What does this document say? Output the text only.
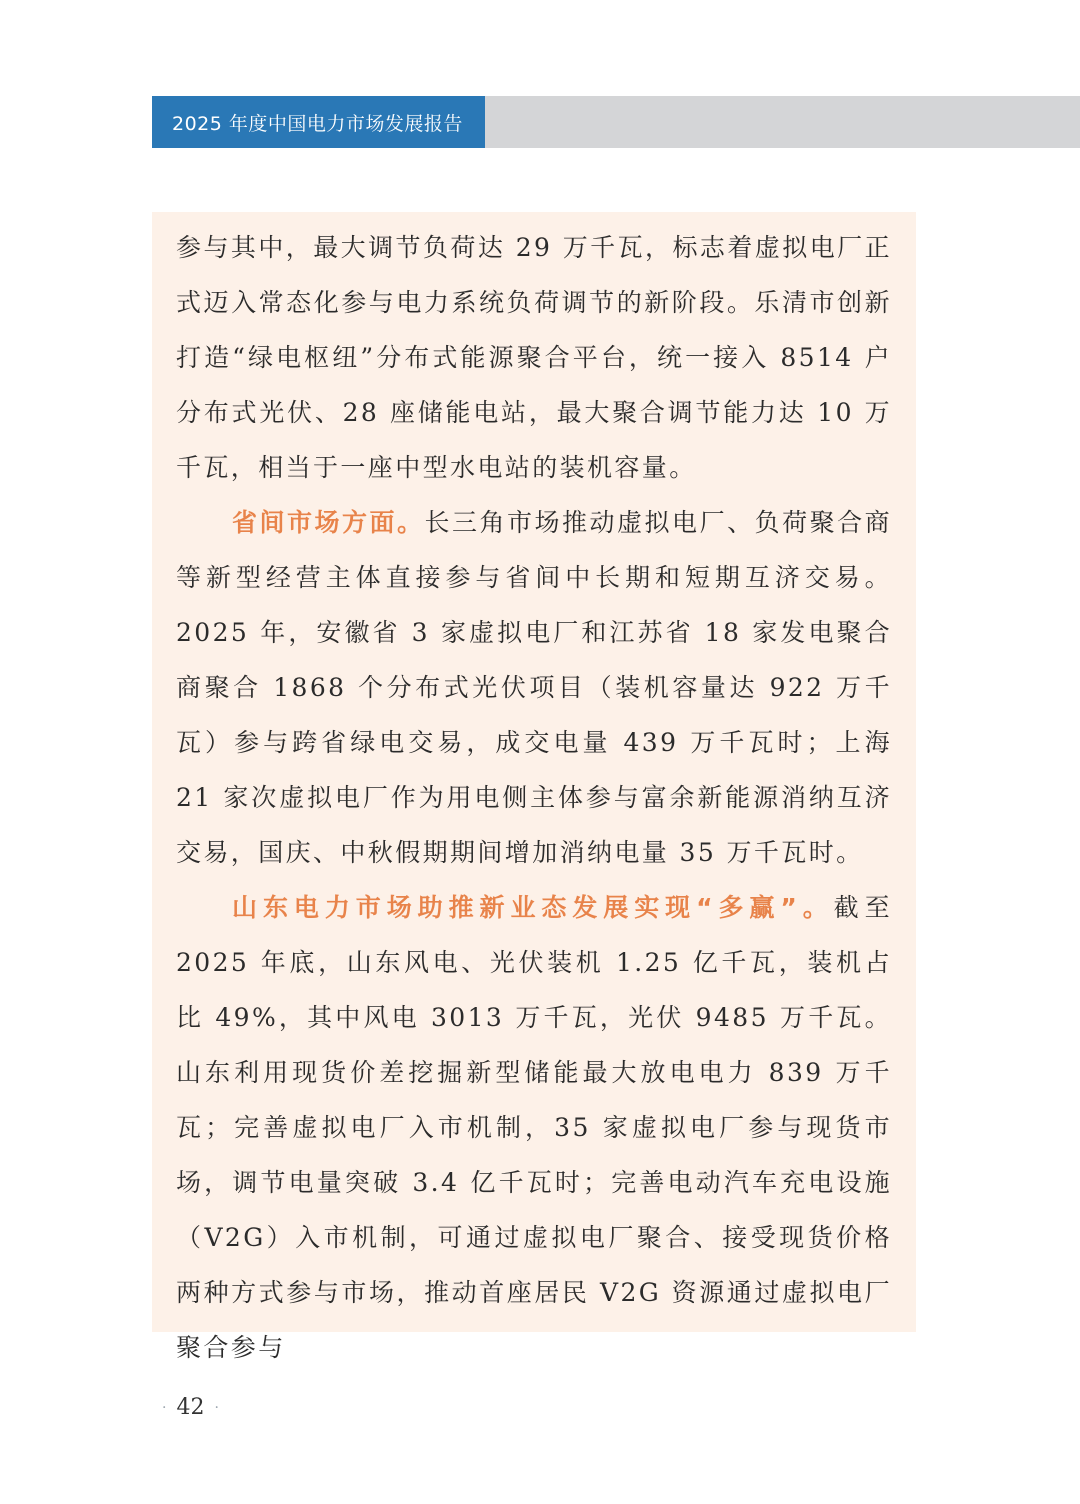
2025 年度中国电力市场发展报告

参与其中，最大调节负荷达 29 万千瓦，标志着虚拟电厂正式迈入常态化参与电力系统负荷调节的新阶段。乐清市创新打造“绿电枢纽”分布式能源聚合平台，统一接入 8514 户分布式光伏、28 座储能电站，最大聚合调节能力达 10 万千瓦，相当于一座中型水电站的装机容量。

省间市场方面。长三角市场推动虚拟电厂、负荷聚合商等新型经营主体直接参与省间中长期和短期互济交易。2025 年，安徽省 3 家虚拟电厂和江苏省 18 家发电聚合商聚合 1868 个分布式光伏项目（装机容量达 922 万千瓦）参与跨省绿电交易，成交电量 439 万千瓦时；上海 21 家次虚拟电厂作为用电侧主体参与富余新能源消纳互济交易，国庆、中秋假期期间增加消纳电量 35 万千瓦时。

山东电力市场助推新业态发展实现“多赢”。截至 2025 年底，山东风电、光伏装机 1.25 亿千瓦，装机占比 49%，其中风电 3013 万千瓦，光伏 9485 万千瓦。山东利用现货价差挖掘新型储能最大放电电力 839 万千瓦；完善虚拟电厂入市机制，35 家虚拟电厂参与现货市场，调节电量突破 3.4 亿千瓦时；完善电动汽车充电设施（V2G）入市机制，可通过虚拟电厂聚合、接受现货价格两种方式参与市场，推动首座居民 V2G 资源通过虚拟电厂聚合参与

· 42 ·
